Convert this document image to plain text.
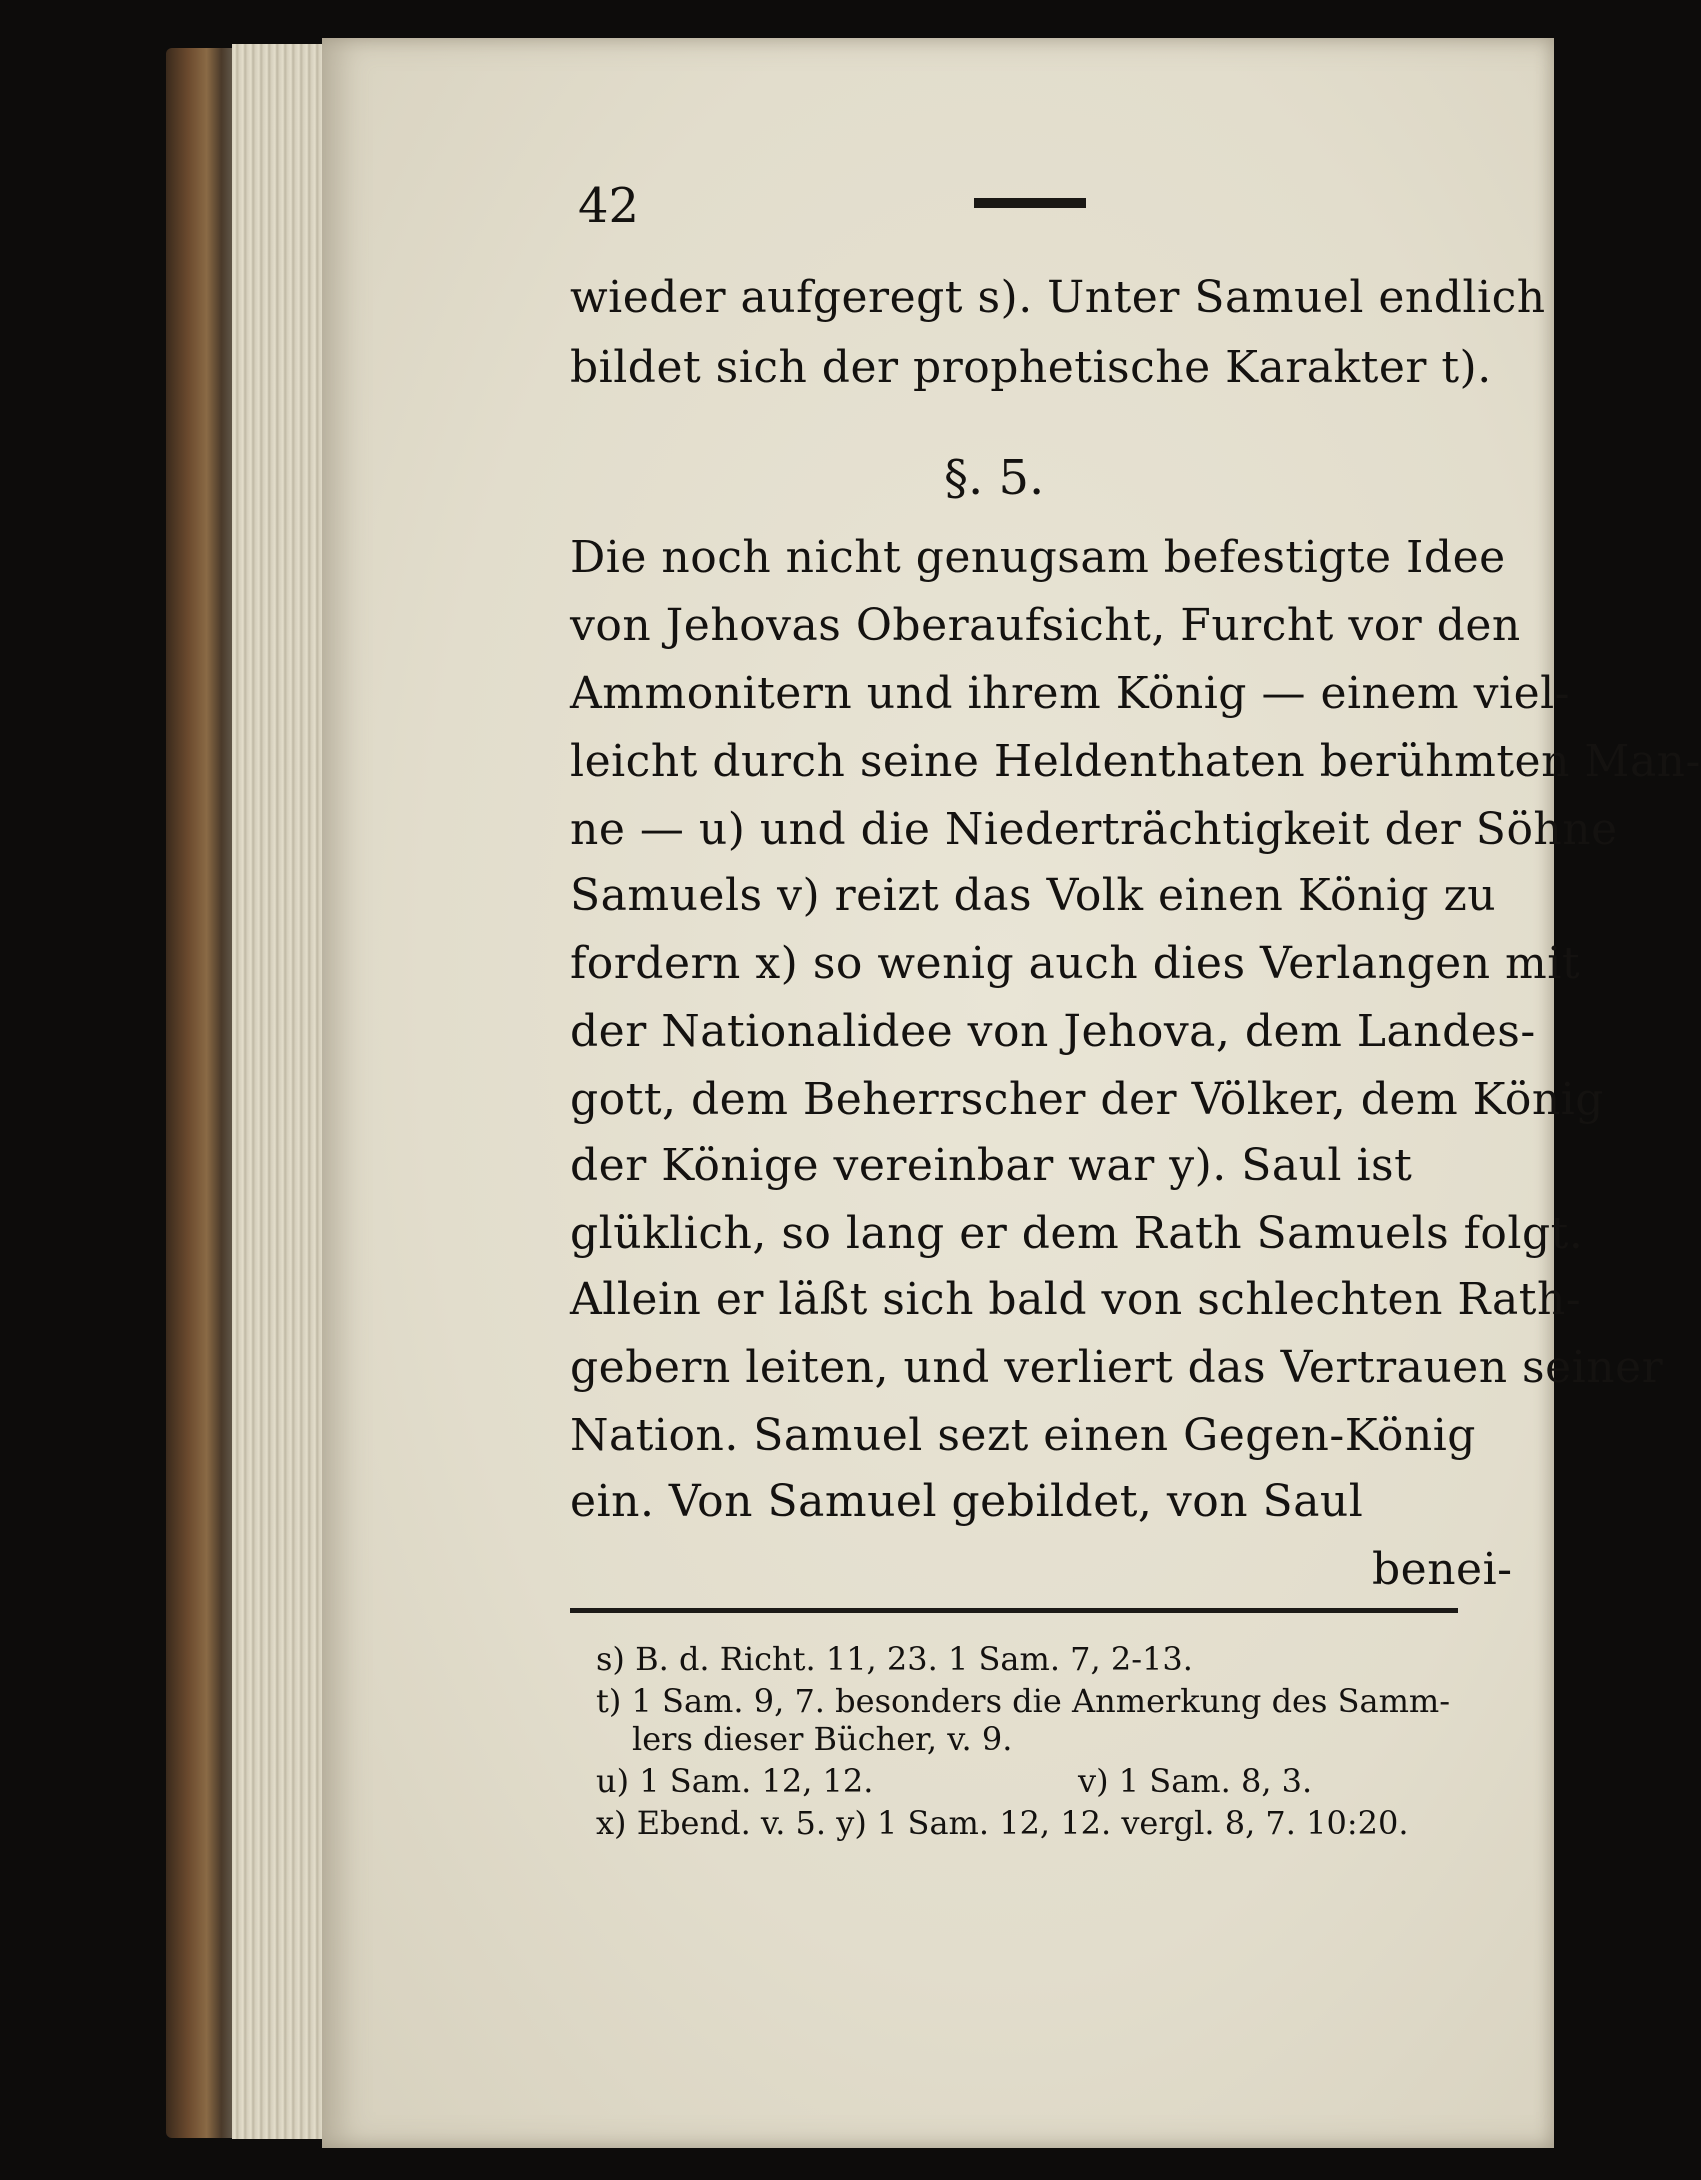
42
wieder aufgeregt s). Unter Samuel endlich
bildet sich der prophetische Karakter t).
§. 5.
Die noch nicht genugsam befestigte Idee
von Jehovas Oberaufsicht, Furcht vor den
Ammonitern und ihrem König — einem viel-
leicht durch seine Heldenthaten berühmten Man-
ne — u) und die Niederträchtigkeit der Söhne
Samuels v) reizt das Volk einen König zu
fordern x) so wenig auch dies Verlangen mit
der Nationalidee von Jehova, dem Landes-
gott, dem Beherrscher der Völker, dem König
der Könige vereinbar war y). Saul ist
glüklich, so lang er dem Rath Samuels folgt.
Allein er läßt sich bald von schlechten Rath-
gebern leiten, und verliert das Vertrauen seiner
Nation. Samuel sezt einen Gegen-König
ein. Von Samuel gebildet, von Saul
benei-
s) B. d. Richt. 11, 23. 1 Sam. 7, 2-13.
t) 1 Sam. 9, 7. besonders die Anmerkung des Samm-
lers dieser Bücher, v. 9.
u) 1 Sam. 12, 12.	v) 1 Sam. 8, 3.
x) Ebend. v. 5. y) 1 Sam. 12, 12. vergl. 8, 7. 10:20.
